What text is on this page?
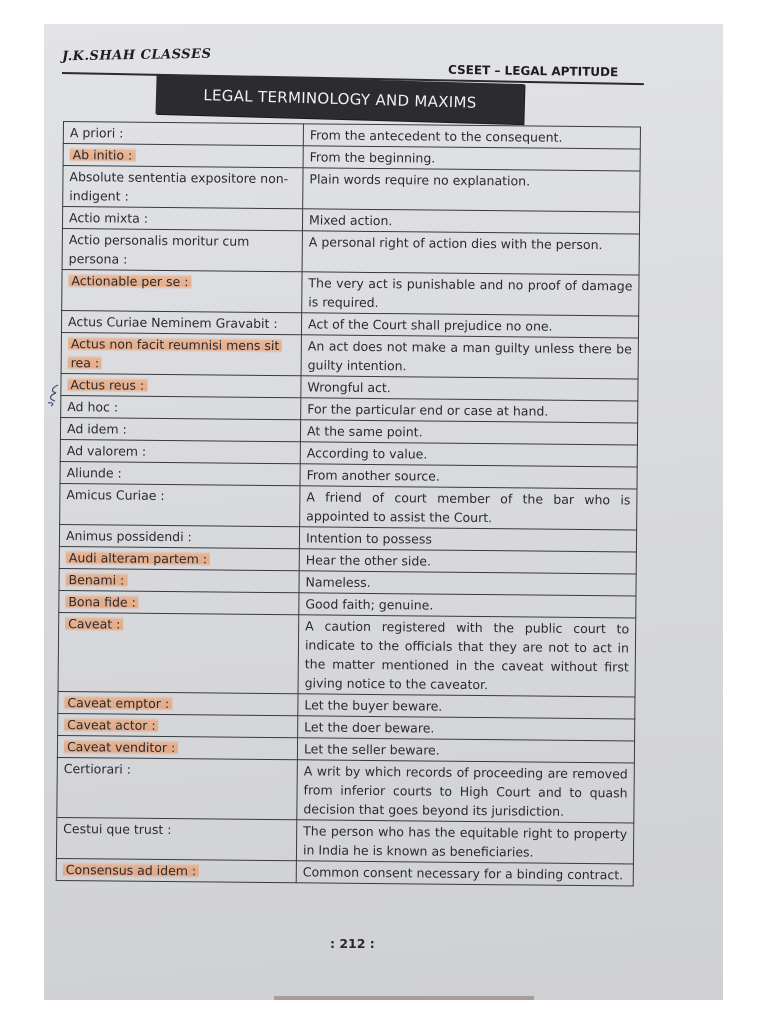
J.K.SHAH CLASSES
CSEET – LEGAL APTITUDE
LEGAL TERMINOLOGY AND MAXIMS
A priori :	From the antecedent to the consequent.
Ab initio :	From the beginning.
Absolute sententia expositore non-indigent :	Plain words require no explanation.
Actio mixta :	Mixed action.
Actio personalis moritur cum persona :	A personal right of action dies with the person.
Actionable per se :	The very act is punishable and no proof of damage is required.
Actus Curiae Neminem Gravabit :	Act of the Court shall prejudice no one.
Actus non facit reumnisi mens sit rea :	An act does not make a man guilty unless there be guilty intention.
Actus reus :	Wrongful act.
Ad hoc :	For the particular end or case at hand.
Ad idem :	At the same point.
Ad valorem :	According to value.
Aliunde :	From another source.
Amicus Curiae :	A friend of court member of the bar who is appointed to assist the Court.
Animus possidendi :	Intention to possess
Audi alteram partem :	Hear the other side.
Benami :	Nameless.
Bona fide :	Good faith; genuine.
Caveat :	A caution registered with the public court to indicate to the officials that they are not to act in the matter mentioned in the caveat without first giving notice to the caveator.
Caveat emptor :	Let the buyer beware.
Caveat actor :	Let the doer beware.
Caveat venditor :	Let the seller beware.
Certiorari :	A writ by which records of proceeding are removed from inferior courts to High Court and to quash decision that goes beyond its jurisdiction.
Cestui que trust :	The person who has the equitable right to property in India he is known as beneficiaries.
Consensus ad idem :	Common consent necessary for a binding contract.
: 212 :
